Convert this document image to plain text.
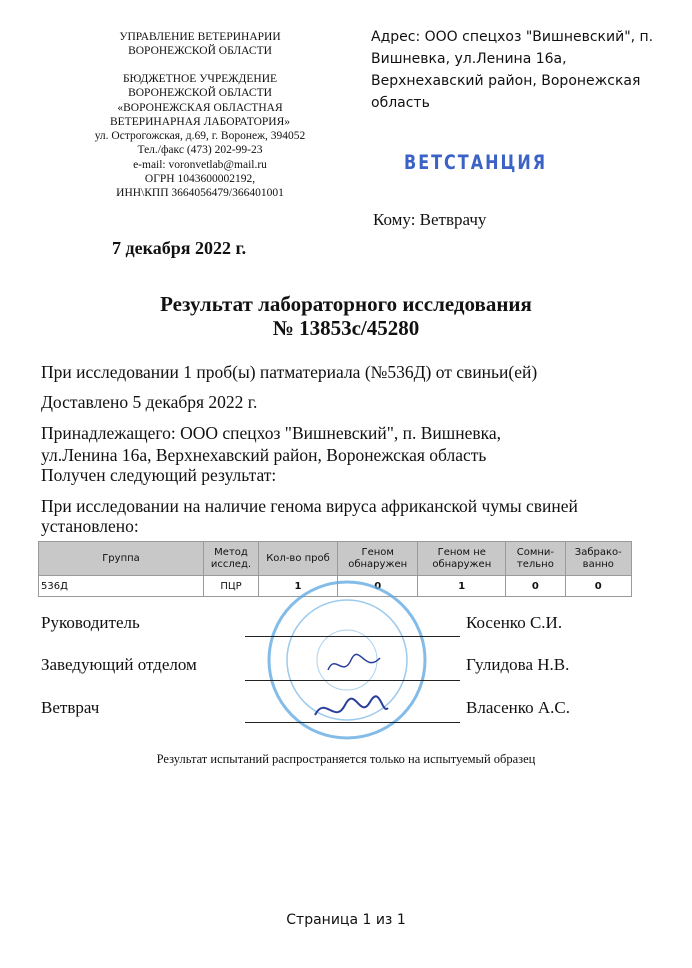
УПРАВЛЕНИЕ ВЕТЕРИНАРИИ
ВОРОНЕЖСКОЙ ОБЛАСТИ
БЮДЖЕТНОЕ УЧРЕЖДЕНИЕ
ВОРОНЕЖСКОЙ ОБЛАСТИ
«ВОРОНЕЖСКАЯ ОБЛАСТНАЯ
ВЕТЕРИНАРНАЯ ЛАБОРАТОРИЯ»
ул. Острогожская, д.69, г. Воронеж, 394052
Тел./факс (473) 202-99-23
e-mail: voronvetlab@mail.ru
ОГРН 1043600002192,
ИНН\КПП 3664056479/366401001
7 декабря 2022 г.
Адрес: ООО спецхоз "Вишневский", п. Вишневка, ул.Ленина 16а, Верхнехавский район, Воронежская область
ВЕТСТАНЦИЯ
Кому: Ветврачу
Результат лабораторного исследования
№ 13853с/45280
При исследовании 1 проб(ы) патматериала (№536Д) от свиньи(ей)
Доставлено 5 декабря 2022 г.
Принадлежащего: ООО спецхоз "Вишневский", п. Вишневка, ул.Ленина 16а, Верхнехавский район, Воронежская область
Получен следующий результат:
При исследовании на наличие генома вируса африканской чумы свиней установлено:
Группа	Метод исслед.	Кол-во проб	Геном обнаружен	Геном не обнаружен	Сомни-тельно	Забрако-ванно
536Д	ПЦР	1	0	1	0	0
Руководитель	Косенко С.И.
Заведующий отделом	Гулидова Н.В.
Ветврач	Власенко А.С.
Результат испытаний распространяется только на испытуемый образец
Страница 1 из 1
